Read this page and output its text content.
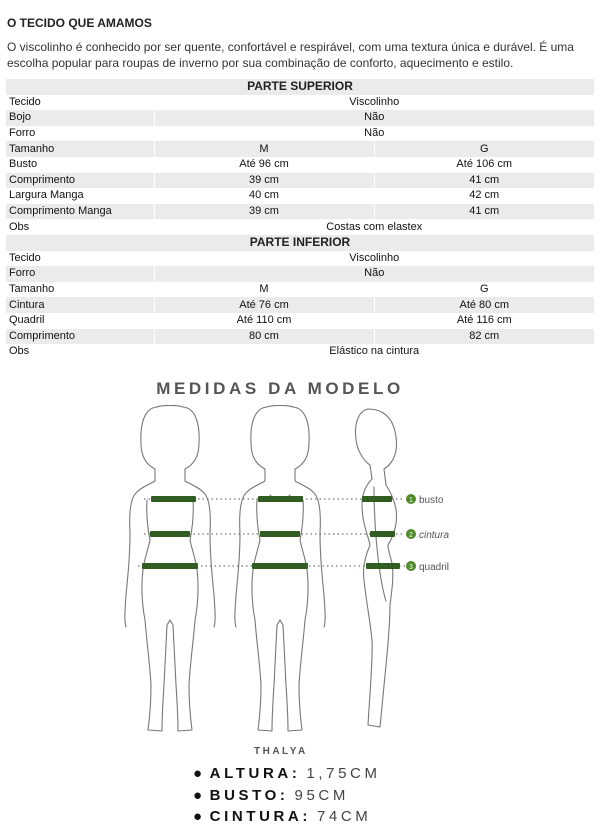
O TECIDO QUE AMAMOS

O viscolinho é conhecido por ser quente, confortável e respirável, com uma textura única e durável. É uma escolha popular para roupas de inverno por sua combinação de conforto, aquecimento e estilo.

PARTE SUPERIOR		
Tecido	Viscolinho	
Bojo	Não	
Forro	Não	
Tamanho	M	G
Busto	Até 96 cm	Até 106 cm
Comprimento	39 cm	41 cm
Largura Manga	40 cm	42 cm
Comprimento Manga	39 cm	41 cm
Obs	Costas com elastex	
PARTE INFERIOR		
Tecido	Viscolinho	
Forro	Não	
Tamanho	M	G
Cintura	Até 76 cm	Até 80 cm
Quadril	Até 110 cm	Até 116 cm
Comprimento	80 cm	82 cm
Obs	Elástico na cintura	
MEDIDAS DA MODELO
1 busto
2 cintura
3 quadril
THALYA
● ALTURA: 1,75CM
● BUSTO: 95CM
● CINTURA: 74CM
